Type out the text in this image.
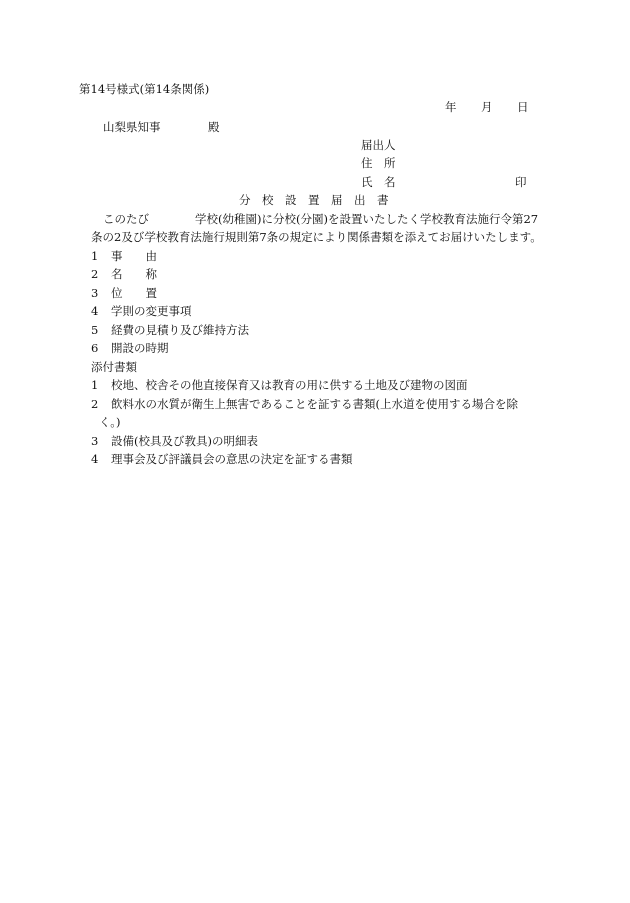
第14号様式(第14条関係)
年 月 日
山梨県知事	殿
届出人
住　所
氏　名	印
分　校　設　置　届　出　書
このたび　　　　学校(幼稚園)に分校(分園)を設置いたしたく学校教育法施行令第27
条の2及び学校教育法施行規則第7条の規定により関係書類を添えてお届けいたします。
1 事　　由
2 名　　称
3 位　　置
4 学則の変更事項
5 経費の見積り及び維持方法
6 開設の時期
添付書類
1 校地、校舎その他直接保育又は教育の用に供する土地及び建物の図面
2 飲料水の水質が衛生上無害であることを証する書類(上水道を使用する場合を除
く。)
3 設備(校具及び教具)の明細表
4 理事会及び評議員会の意思の決定を証する書類
